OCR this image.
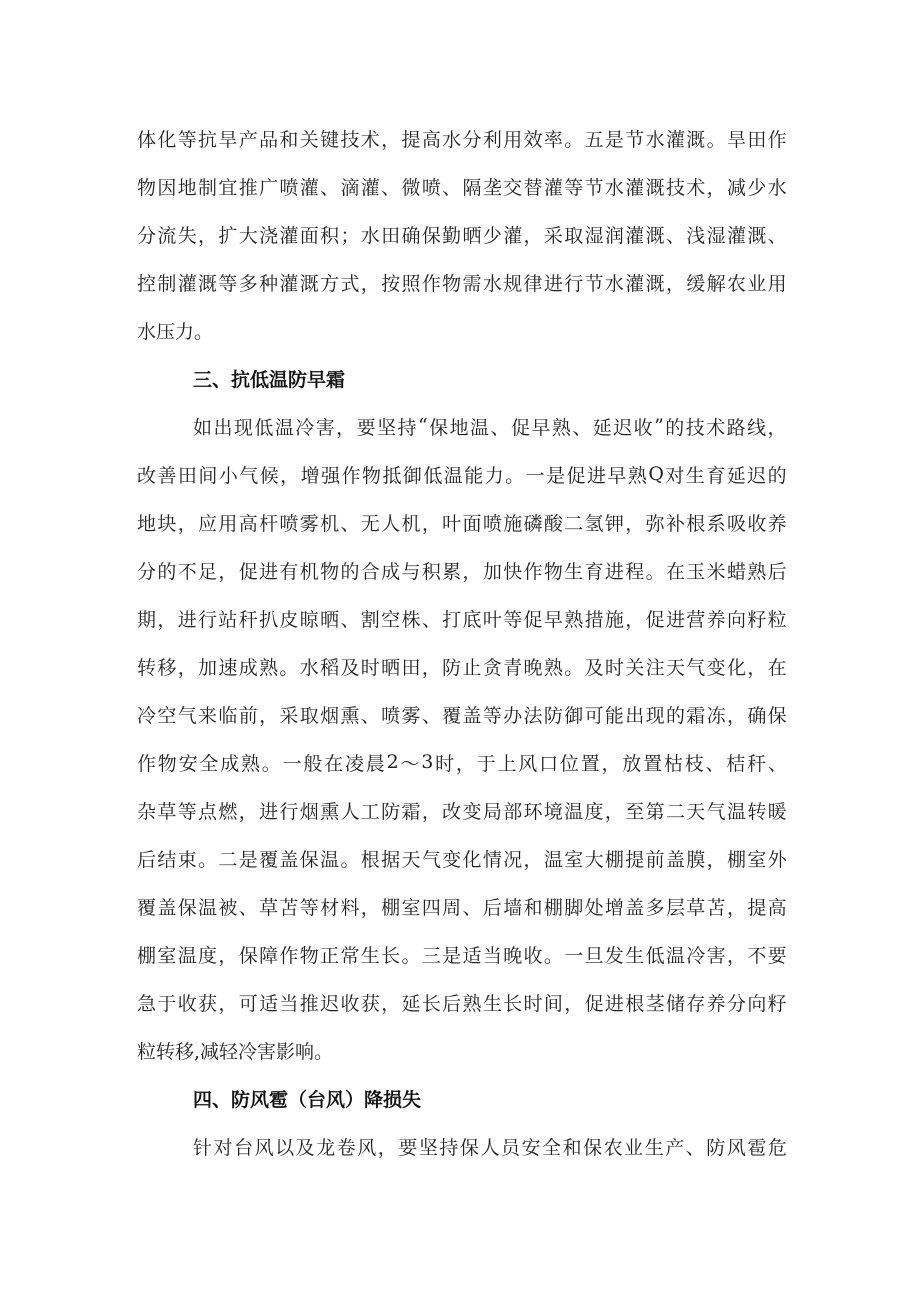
体 化 等 抗 旱 产 品 和 关 键 技 术 ， 提 高 水 分 利 用 效 率 。 五 是 节 水 灌 溉 。 旱 田 作
物 因 地 制 宜 推 广 喷 灌 、 滴 灌 、 微 喷 、 隔 垄 交 替 灌 等 节 水 灌 溉 技 术 ， 减 少 水
分 流 失 ， 扩 大 浇 灌 面 积 ； 水 田 确 保 勤 晒 少 灌 ， 采 取 湿 润 灌 溉 、 浅 湿 灌 溉 、
控 制 灌 溉 等 多 种 灌 溉 方 式 ， 按 照 作 物 需 水 规 律 进 行 节 水 灌 溉 ， 缓 解 农 业 用
水压力。
三、抗低温防早霜
如 出 现 低 温 冷 害 ， 要 坚 持 “ 保 地 温 、 促 早 熟 、 延 迟 收 ” 的 技 术 路 线 ，
改 善 田 间 小 气 候 ， 增 强 作 物 抵 御 低 温 能 力 。 一 是 促 进 早 熟 Q 对 生 育 延 迟 的
地 块 ， 应 用 高 杆 喷 雾 机 、 无 人 机 ， 叶 面 喷 施 磷 酸 二 氢 钾 ， 弥 补 根 系 吸 收 养
分 的 不 足 ， 促 进 有 机 物 的 合 成 与 积 累 ， 加 快 作 物 生 育 进 程 。 在 玉 米 蜡 熟 后
期 ， 进 行 站 秆 扒 皮 晾 晒 、 割 空 株 、 打 底 叶 等 促 早 熟 措 施 ， 促 进 营 养 向 籽 粒
转 移 ， 加 速 成 熟 。 水 稻 及 时 晒 田 ， 防 止 贪 青 晚 熟 。 及 时 关 注 天 气 变 化 ， 在
冷 空 气 来 临 前 ， 采 取 烟 熏 、 喷 雾 、 覆 盖 等 办 法 防 御 可 能 出 现 的 霜 冻 ， 确 保
作 物 安 全 成 熟 。 一 般 在 凌 晨 2 〜 3 时 ， 于 上 风 口 位 置 ， 放 置 枯 枝 、 桔 秆 、
杂 草 等 点 燃 ， 进 行 烟 熏 人 工 防 霜 ， 改 变 局 部 环 境 温 度 ， 至 第 二 天 气 温 转 暖
后 结 束 。 二 是 覆 盖 保 温 。 根 据 天 气 变 化 情 况 ， 温 室 大 棚 提 前 盖 膜 ， 棚 室 外
覆 盖 保 温 被 、 草 苫 等 材 料 ， 棚 室 四 周 、 后 墙 和 棚 脚 处 增 盖 多 层 草 苫 ， 提 高
棚 室 温 度 ， 保 障 作 物 正 常 生 长 。 三 是 适 当 晚 收 。 一 旦 发 生 低 温 冷 害 ， 不 要
急 于 收 获 ， 可 适 当 推 迟 收 获 ， 延 长 后 熟 生 长 时 间 ， 促 进 根 茎 储 存 养 分 向 籽
粒转移,减轻冷害影响。
四、防风雹（台风）降损失
针 对 台 风 以 及 龙 卷 风 ， 要 坚 持 保 人 员 安 全 和 保 农 业 生 产 、 防 风 雹 危
